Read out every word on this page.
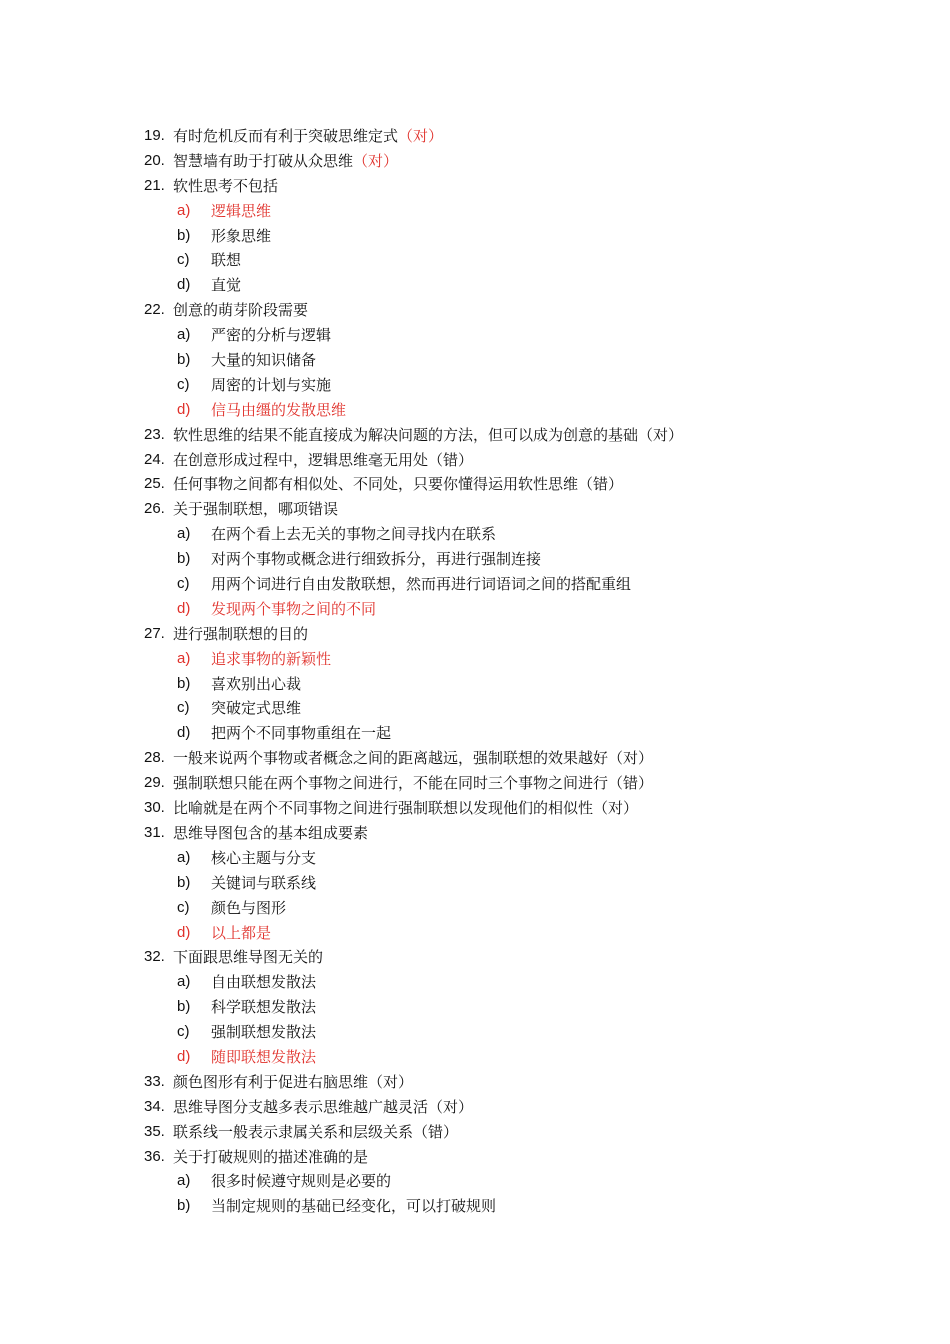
19. 有时危机反而有利于突破思维定式（对）
20. 智慧墙有助于打破从众思维（对）
21. 软性思考不包括
a) 逻辑思维
b) 形象思维
c) 联想
d) 直觉
22. 创意的萌芽阶段需要
a) 严密的分析与逻辑
b) 大量的知识储备
c) 周密的计划与实施
d) 信马由缰的发散思维
23. 软性思维的结果不能直接成为解决问题的方法，但可以成为创意的基础（对）
24. 在创意形成过程中，逻辑思维毫无用处（错）
25. 任何事物之间都有相似处、不同处，只要你懂得运用软性思维（错）
26. 关于强制联想，哪项错误
a) 在两个看上去无关的事物之间寻找内在联系
b) 对两个事物或概念进行细致拆分，再进行强制连接
c) 用两个词进行自由发散联想，然而再进行词语词之间的搭配重组
d) 发现两个事物之间的不同
27. 进行强制联想的目的
a) 追求事物的新颖性
b) 喜欢别出心裁
c) 突破定式思维
d) 把两个不同事物重组在一起
28. 一般来说两个事物或者概念之间的距离越远，强制联想的效果越好（对）
29. 强制联想只能在两个事物之间进行，不能在同时三个事物之间进行（错）
30. 比喻就是在两个不同事物之间进行强制联想以发现他们的相似性（对）
31. 思维导图包含的基本组成要素
a) 核心主题与分支
b) 关键词与联系线
c) 颜色与图形
d) 以上都是
32. 下面跟思维导图无关的
a) 自由联想发散法
b) 科学联想发散法
c) 强制联想发散法
d) 随即联想发散法
33. 颜色图形有利于促进右脑思维（对）
34. 思维导图分支越多表示思维越广越灵活（对）
35. 联系线一般表示隶属关系和层级关系（错）
36. 关于打破规则的描述准确的是
a) 很多时候遵守规则是必要的
b) 当制定规则的基础已经变化，可以打破规则
